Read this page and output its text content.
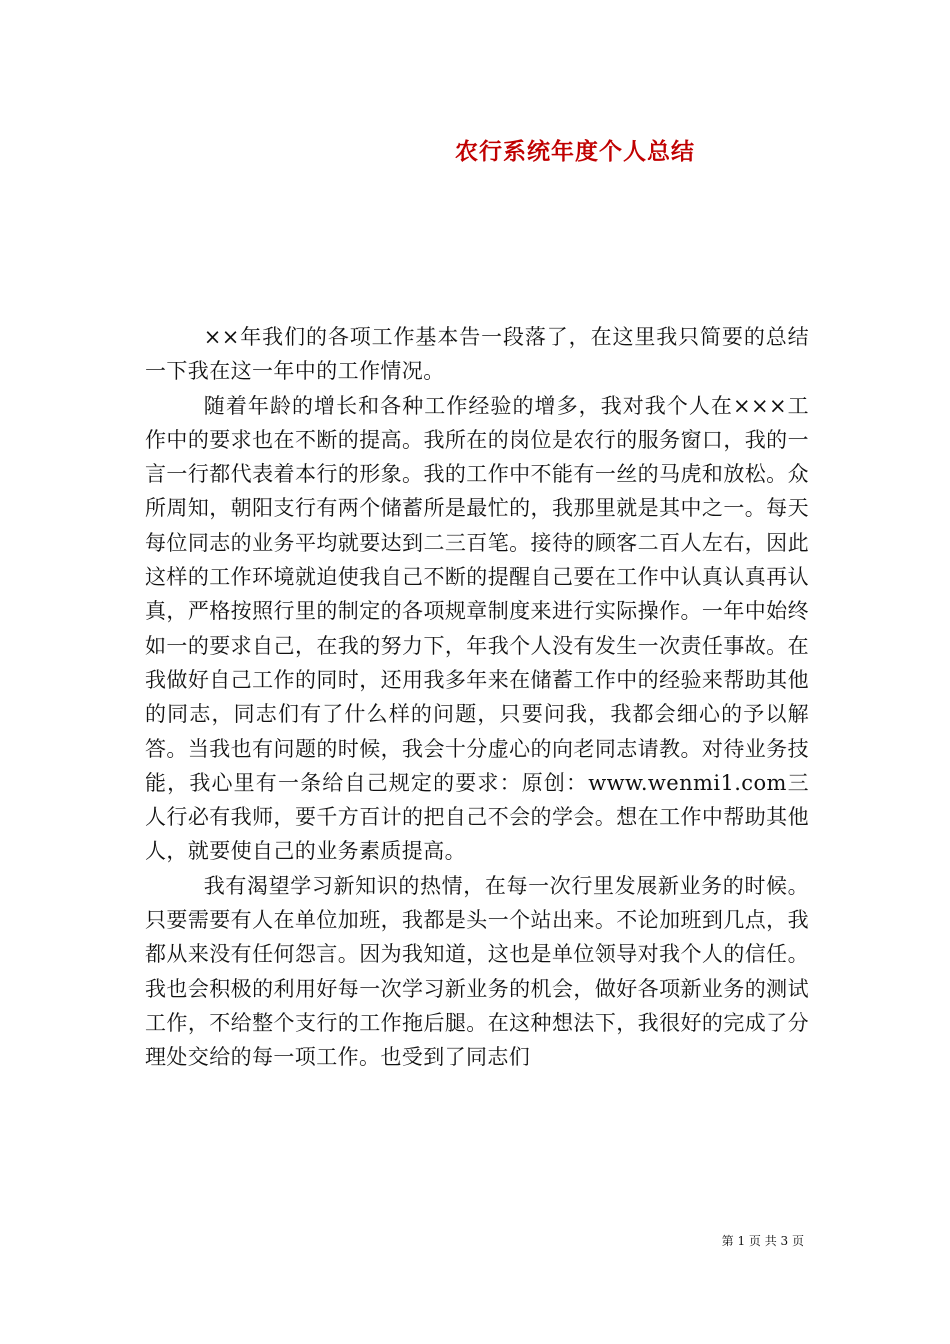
农行系统年度个人总结

××年我们的各项工作基本告一段落了，在这里我只简要的总结一下我在这一年中的工作情况。

随着年龄的增长和各种工作经验的增多，我对我个人在×××工作中的要求也在不断的提高。我所在的岗位是农行的服务窗口，我的一言一行都代表着本行的形象。我的工作中不能有一丝的马虎和放松。众所周知，朝阳支行有两个储蓄所是最忙的，我那里就是其中之一。每天每位同志的业务平均就要达到二三百笔。接待的顾客二百人左右，因此这样的工作环境就迫使我自己不断的提醒自己要在工作中认真认真再认真，严格按照行里的制定的各项规章制度来进行实际操作。一年中始终如一的要求自己，在我的努力下，年我个人没有发生一次责任事故。在我做好自己工作的同时，还用我多年来在储蓄工作中的经验来帮助其他的同志，同志们有了什么样的问题，只要问我，我都会细心的予以解答。当我也有问题的时候，我会十分虚心的向老同志请教。对待业务技能，我心里有一条给自己规定的要求：原创：www.wenmi1.com三人行必有我师，要千方百计的把自己不会的学会。想在工作中帮助其他人，就要使自己的业务素质提高。

我有渴望学习新知识的热情，在每一次行里发展新业务的时候。只要需要有人在单位加班，我都是头一个站出来。不论加班到几点，我都从来没有任何怨言。因为我知道，这也是单位领导对我个人的信任。我也会积极的利用好每一次学习新业务的机会，做好各项新业务的测试工作，不给整个支行的工作拖后腿。在这种想法下，我很好的完成了分理处交给的每一项工作。也受到了同志们

第 1 页 共 3 页
